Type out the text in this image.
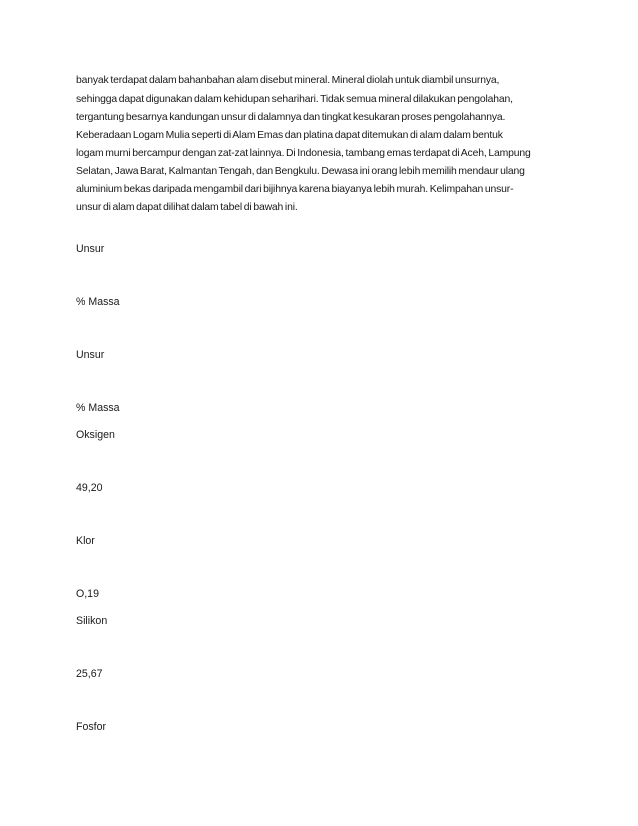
banyak terdapat dalam bahanbahan alam disebut mineral. Mineral diolah untuk diambil unsurnya,
sehingga dapat digunakan dalam kehidupan seharihari. Tidak semua mineral dilakukan pengolahan,
tergantung besarnya kandungan unsur di dalamnya dan tingkat kesukaran proses pengolahannya.
Keberadaan Logam Mulia seperti di Alam Emas dan platina dapat ditemukan di alam dalam bentuk
logam murni bercampur dengan zat-zat lainnya. Di Indonesia, tambang emas terdapat di Aceh, Lampung
Selatan, Jawa Barat, Kalmantan Tengah, dan Bengkulu. Dewasa ini orang lebih memilih mendaur ulang
aluminium bekas daripada mengambil dari bijihnya karena biayanya lebih murah. Kelimpahan unsur-
unsur di alam dapat dilihat dalam tabel di bawah ini.
Unsur
% Massa
Unsur
% Massa
Oksigen
49,20
Klor
O,19
Silikon
25,67
Fosfor
